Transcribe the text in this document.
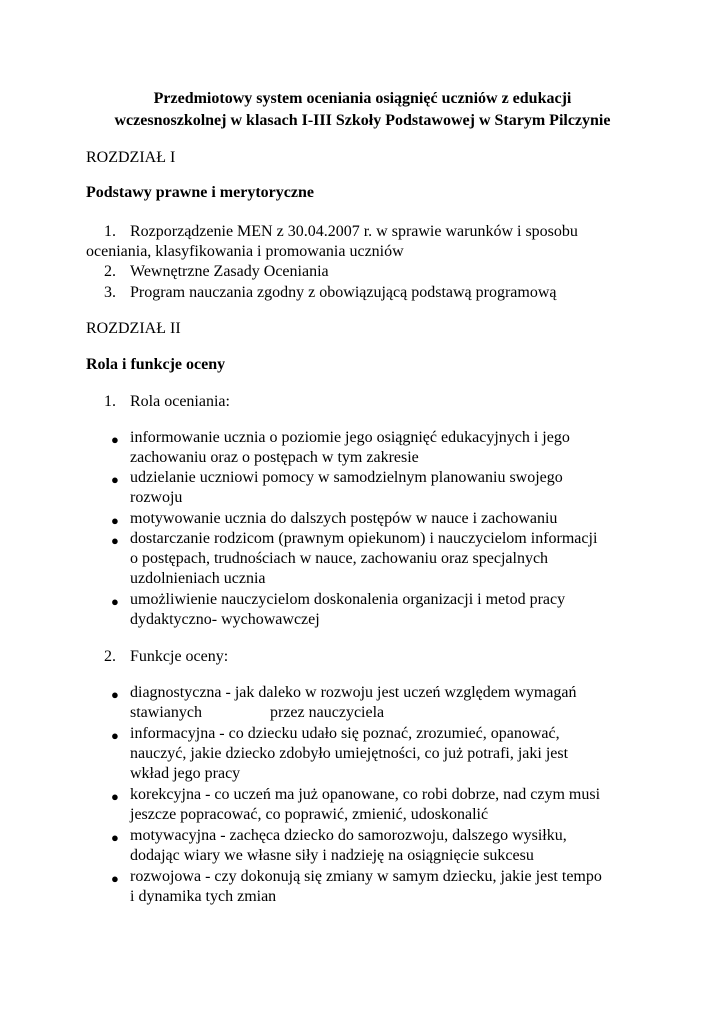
Przedmiotowy system oceniania osiągnięć uczniów z edukacji
wczesnoszkolnej w klasach I-III Szkoły Podstawowej w Starym Pilczynie
ROZDZIAŁ I
Podstawy prawne i merytoryczne
1. Rozporządzenie MEN z 30.04.2007 r. w sprawie warunków i sposobu
oceniania, klasyfikowania i promowania uczniów
2. Wewnętrzne Zasady Oceniania
3. Program nauczania zgodny z obowiązującą podstawą programową
ROZDZIAŁ II
Rola i funkcje oceny
1. Rola oceniania:
● informowanie ucznia o poziomie jego osiągnięć edukacyjnych i jego
zachowaniu oraz o postępach w tym zakresie
● udzielanie uczniowi pomocy w samodzielnym planowaniu swojego
rozwoju
● motywowanie ucznia do dalszych postępów w nauce i zachowaniu
● dostarczanie rodzicom (prawnym opiekunom) i nauczycielom informacji
o postępach, trudnościach w nauce, zachowaniu oraz specjalnych
uzdolnieniach ucznia
● umożliwienie nauczycielom doskonalenia organizacji i metod pracy
dydaktyczno- wychowawczej
2. Funkcje oceny:
● diagnostyczna - jak daleko w rozwoju jest uczeń względem wymagań
stawianych	przez nauczyciela
● informacyjna - co dziecku udało się poznać, zrozumieć, opanować,
nauczyć, jakie dziecko zdobyło umiejętności, co już potrafi, jaki jest
wkład jego pracy
● korekcyjna - co uczeń ma już opanowane, co robi dobrze, nad czym musi
jeszcze popracować, co poprawić, zmienić, udoskonalić
● motywacyjna - zachęca dziecko do samorozwoju, dalszego wysiłku,
dodając wiary we własne siły i nadzieję na osiągnięcie sukcesu
● rozwojowa - czy dokonują się zmiany w samym dziecku, jakie jest tempo
i dynamika tych zmian
